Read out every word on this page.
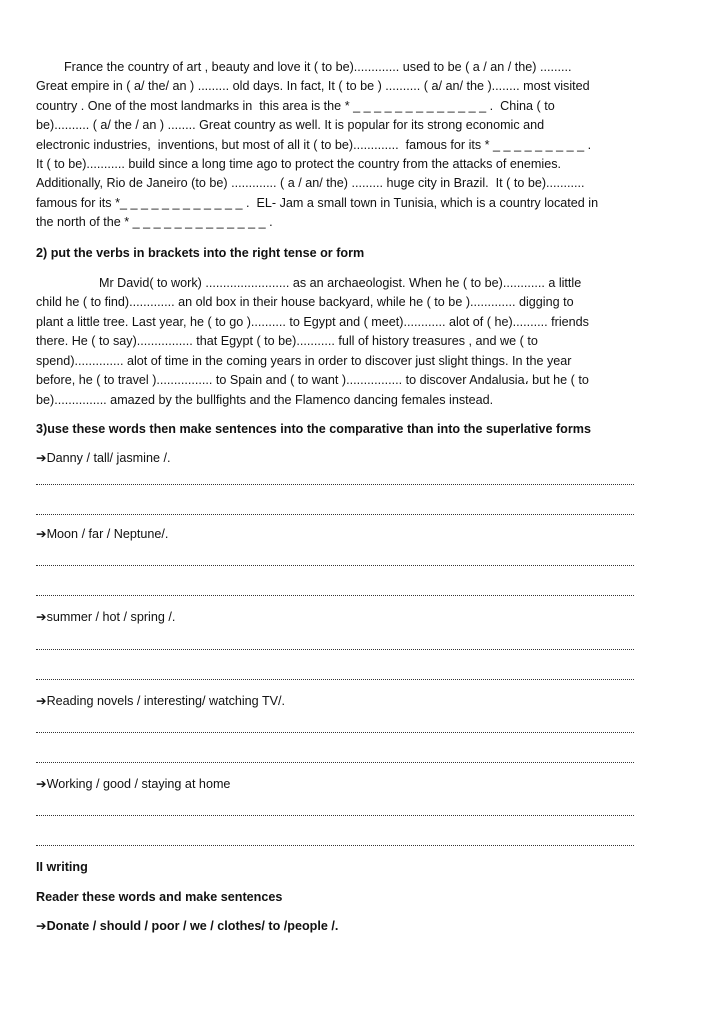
France the country of art , beauty and love it ( to be)............. used to be ( a / an / the) .........
Great empire in ( a/ the/ an ) ......... old days. In fact, It ( to be ) .......... ( a/ an/ the )........ most visited
country . One of the most landmarks in  this area is the * _ _ _ _ _ _ _ _ _ _ _ _ _ .  China ( to
be).......... ( a/ the / an ) ........ Great country as well. It is popular for its strong economic and
electronic industries,  inventions, but most of all it ( to be).............  famous for its * _ _ _ _ _ _ _ _ _ .
It ( to be)........... build since a long time ago to protect the country from the attacks of enemies.
Additionally, Rio de Janeiro (to be) ............. ( a / an/ the) ......... huge city in Brazil.  It ( to be)...........
famous for its *_ _ _ _ _ _ _ _ _ _ _ _ .  EL- Jam a small town in Tunisia, which is a country located in
the north of the * _ _ _ _ _ _ _ _ _ _ _ _ _ .

2) put the verbs in brackets into the right tense or form

Mr David( to work) ........................ as an archaeologist. When he ( to be)............ a little
child he ( to find)............. an old box in their house backyard, while he ( to be )............. digging to
plant a little tree. Last year, he ( to go ).......... to Egypt and ( meet)............ alot of ( he).......... friends
there. He ( to say)................ that Egypt ( to be)........... full of history treasures , and we ( to
spend).............. alot of time in the coming years in order to discover just slight things. In the year
before, he ( to travel )................ to Spain and ( to want )................ to discover Andalusia، but he ( to
be)............... amazed by the bullfights and the Flamenco dancing females instead.

3)use these words then make sentences into the comparative than into the superlative forms

➔Danny / tall/ jasmine /.

➔Moon / far / Neptune/.

➔summer / hot / spring /.

➔Reading novels / interesting/ watching TV/.

➔Working / good / staying at home

II writing

Reader these words and make sentences

➔Donate / should / poor / we / clothes/ to /people /.
